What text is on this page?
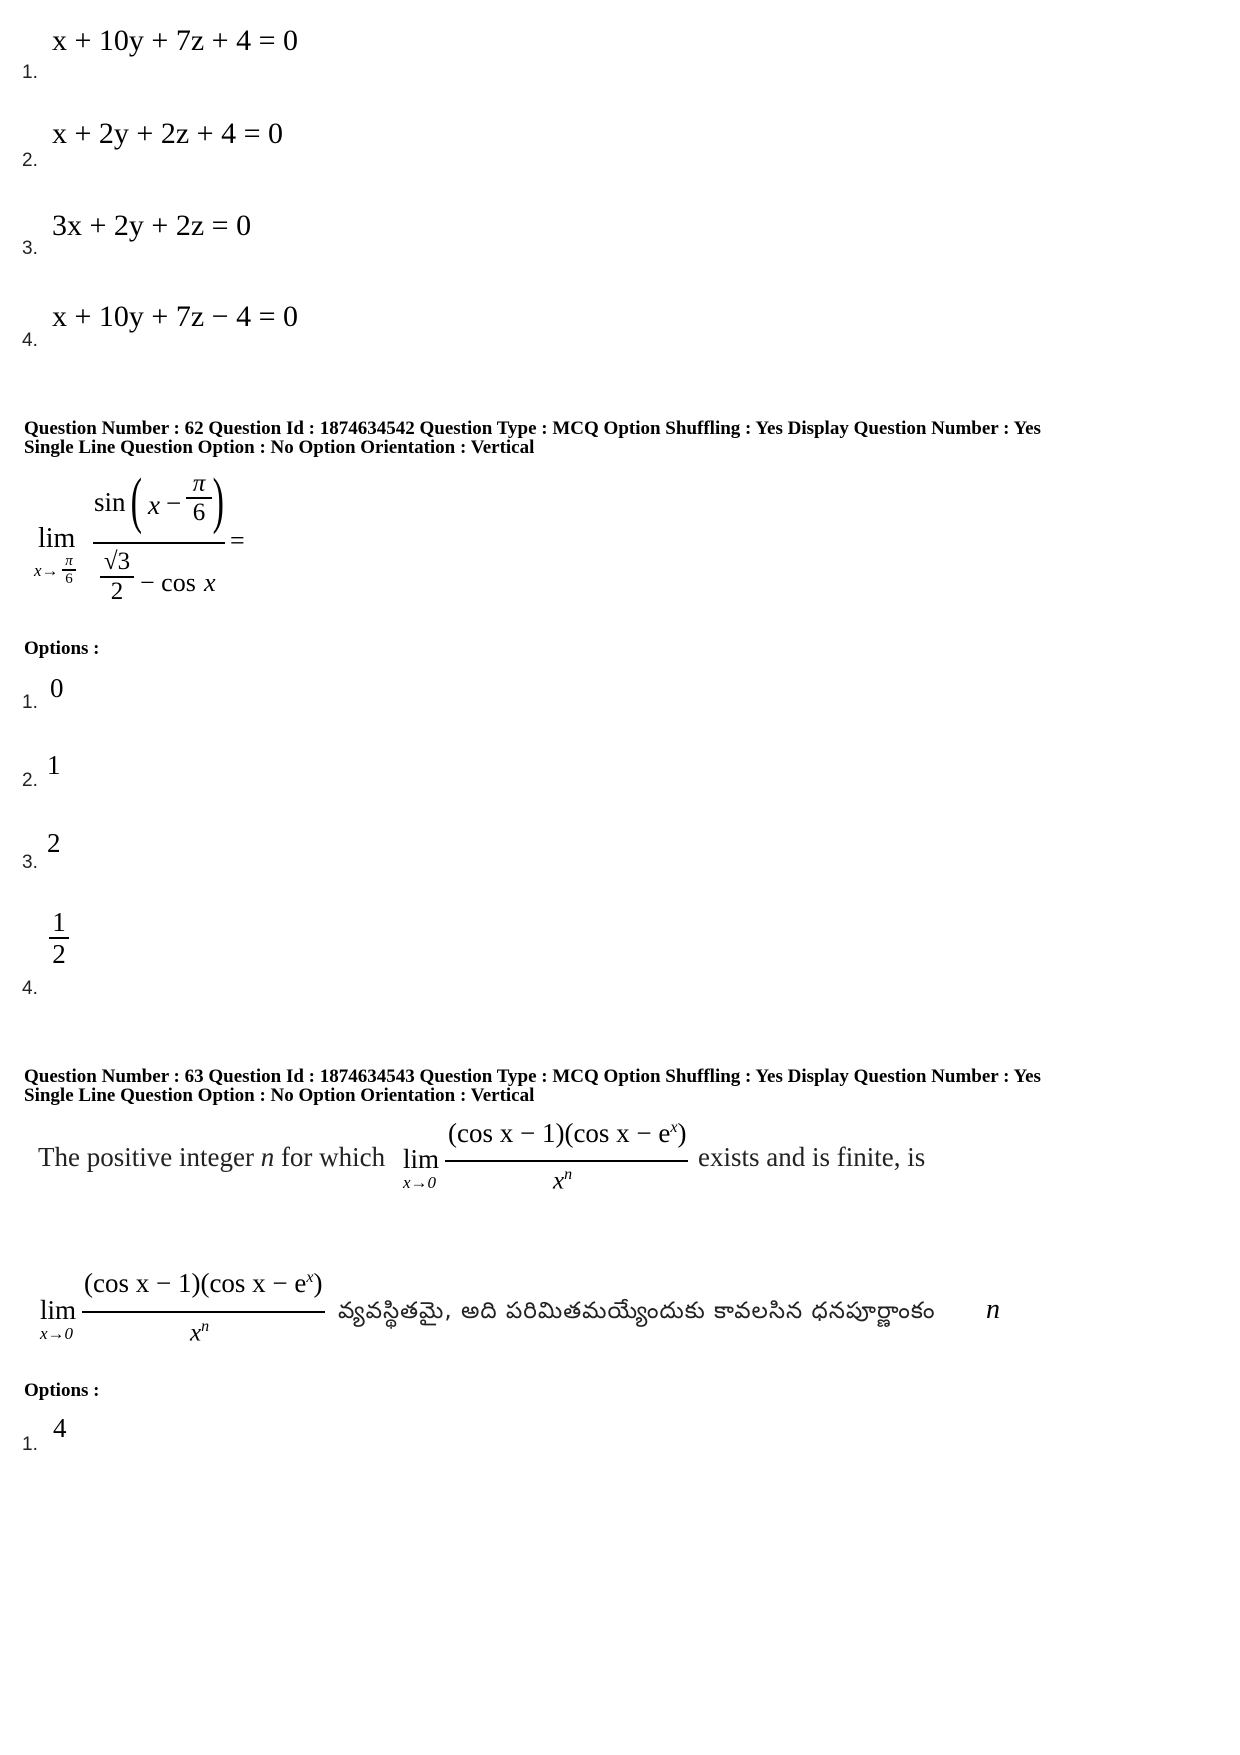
1.
x + 10y + 7z + 4 = 0
2.
x + 2y + 2z + 4 = 0
3.
3x + 2y + 2z = 0
4.
x + 10y + 7z − 4 = 0
Question Number : 62 Question Id : 1874634542 Question Type : MCQ Option Shuffling : Yes Display Question Number : Yes
Single Line Question Option : No Option Orientation : Vertical
lim
x→ π
6
sin ( x −
π
6 )
√3
2 − cos x
=
Options :
1. 0
2.
1
3.
2
4.
1
2
Question Number : 63 Question Id : 1874634543 Question Type : MCQ Option Shuffling : Yes Display Question Number : Yes
Single Line Question Option : No Option Orientation : Vertical
The positive integer n for which lim
x→0
(cos x − 1)(cos $x - e^x$)
$x^n$
exists and is finite, is
lim
x→0
(cos x − 1)(cos $x - e^x$)
$x^n$
వ్యవస్థితమై, అది పరిమితమయ్యేందుకు కావలసిన ధనపూర్ణాంకం n
Options :
1.
4
